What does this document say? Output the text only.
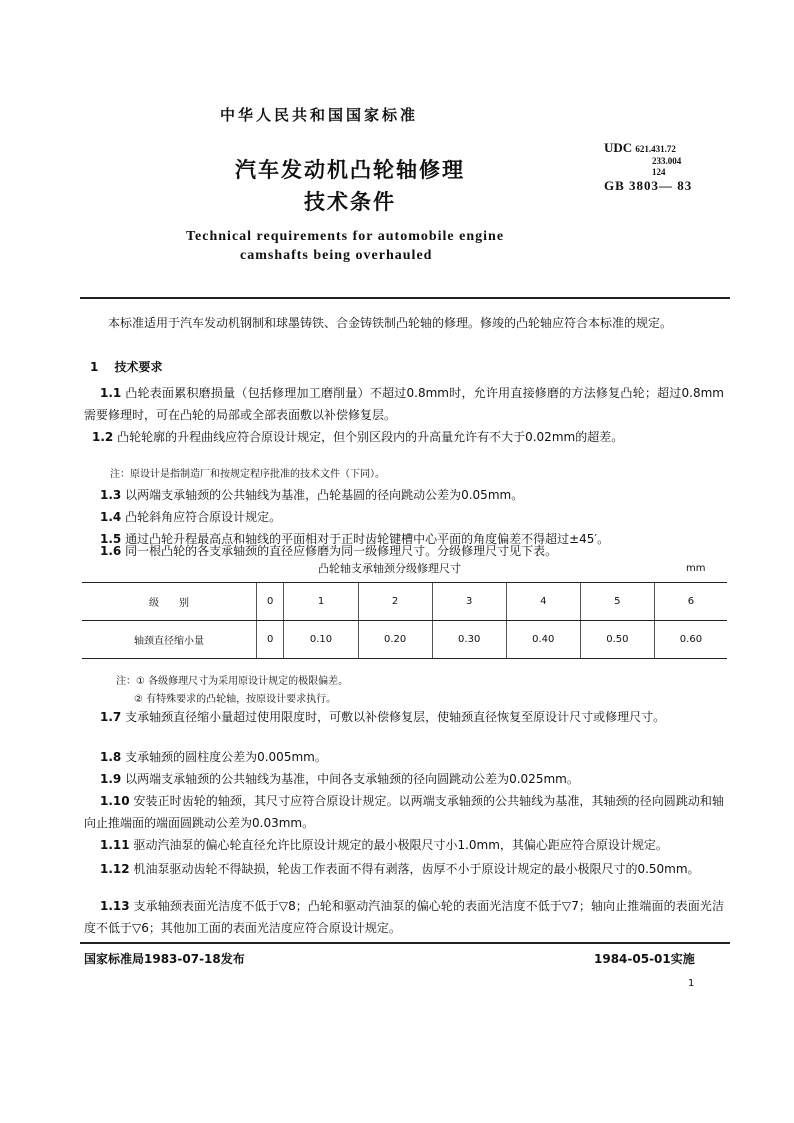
中华人民共和国国家标准
UDC 621.431.72
233.004
124
GB 3803— 83
汽车发动机凸轮轴修理
技术条件
Technical requirements for automobile engine
camshafts being overhauled
本标准适用于汽车发动机钢制和球墨铸铁、合金铸铁制凸轮轴的修理。修竣的凸轮轴应符合本标准的规定。
1　 技术要求
1.1 凸轮表面累积磨损量（包括修理加工磨削量）不超过0.8mm时，允许用直接修磨的方法修复凸轮；超过0.8mm需要修理时，可在凸轮的局部或全部表面敷以补偿修复层。
1.2 凸轮轮廓的升程曲线应符合原设计规定，但个别区段内的升高量允许有不大于0.02mm的超差。
注：原设计是指制造厂和按规定程序批准的技术文件（下同）。
1.3 以两端支承轴颈的公共轴线为基准，凸轮基圆的径向跳动公差为0.05mm。
1.4 凸轮斜角应符合原设计规定。
1.5 通过凸轮升程最高点和轴线的平面相对于正时齿轮键槽中心平面的角度偏差不得超过±45′。
1.6 同一根凸轮的各支承轴颈的直径应修磨为同一级修理尺寸。分级修理尺寸见下表。
凸轮轴支承轴颈分级修理尺寸	mm
级　　别	0	1	2	3	4	5	6
轴颈直径缩小量	0	0.10	0.20	0.30	0.40	0.50	0.60
注：① 各级修理尺寸为采用原设计规定的极限偏差。
② 有特殊要求的凸轮轴，按原设计要求执行。
1.7 支承轴颈直径缩小量超过使用限度时，可敷以补偿修复层，使轴颈直径恢复至原设计尺寸或修理尺寸。
1.8 支承轴颈的圆柱度公差为0.005mm。
1.9 以两端支承轴颈的公共轴线为基准，中间各支承轴颈的径向圆跳动公差为0.025mm。
1.10 安装正时齿轮的轴颈，其尺寸应符合原设计规定。以两端支承轴颈的公共轴线为基准，其轴颈的径向圆跳动和轴向止推端面的端面圆跳动公差为0.03mm。
1.11 驱动汽油泵的偏心轮直径允许比原设计规定的最小极限尺寸小1.0mm，其偏心距应符合原设计规定。
1.12 机油泵驱动齿轮不得缺损，轮齿工作表面不得有剥落，齿厚不小于原设计规定的最小极限尺寸的0.50mm。
1.13 支承轴颈表面光洁度不低于▽8；凸轮和驱动汽油泵的偏心轮的表面光洁度不低于▽7；轴向止推端面的表面光洁度不低于▽6；其他加工面的表面光洁度应符合原设计规定。
国家标准局1983-07-18发布	1984-05-01实施
1
